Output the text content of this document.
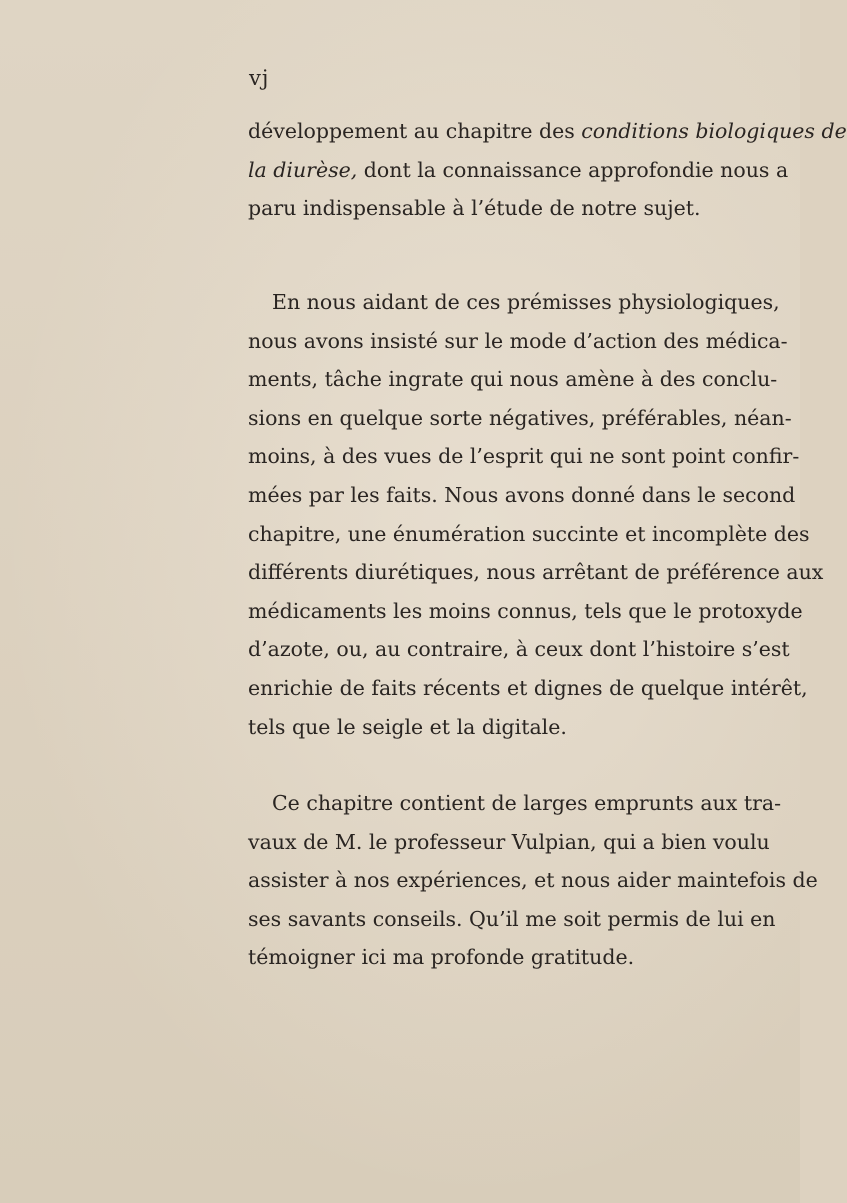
vj

développement au chapitre des conditions biologiques de
la diurèse, dont la connaissance approfondie nous a
paru indispensable à l’étude de notre sujet.

En nous aidant de ces prémisses physiologiques,
nous avons insisté sur le mode d’action des médica-
ments, tâche ingrate qui nous amène à des conclu-
sions en quelque sorte négatives, préférables, néan-
moins, à des vues de l’esprit qui ne sont point confir-
mées par les faits. Nous avons donné dans le second
chapitre, une énumération succinte et incomplète des
différents diurétiques, nous arrêtant de préférence aux
médicaments les moins connus, tels que le protoxyde
d’azote, ou, au contraire, à ceux dont l’histoire s’est
enrichie de faits récents et dignes de quelque intérêt,
tels que le seigle et la digitale.

Ce chapitre contient de larges emprunts aux tra-
vaux de M. le professeur Vulpian, qui a bien voulu
assister à nos expériences, et nous aider maintefois de
ses savants conseils. Qu’il me soit permis de lui en
témoigner ici ma profonde gratitude.
